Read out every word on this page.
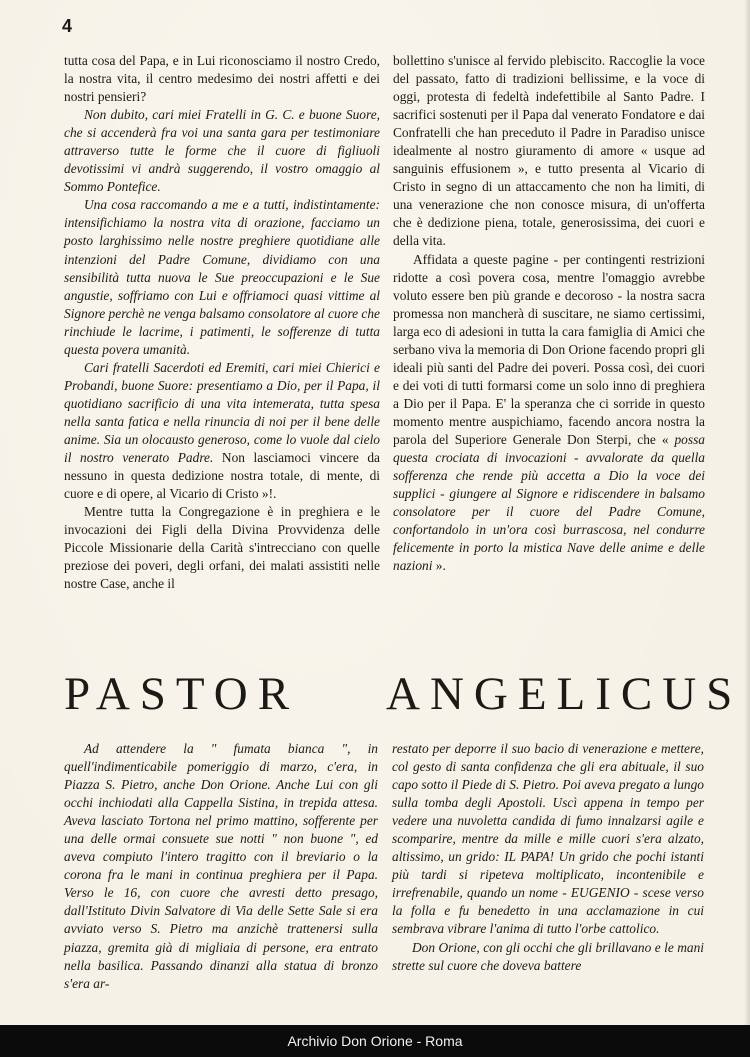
4

tutta cosa del Papa, e in Lui riconosciamo il nostro Credo, la nostra vita, il centro medesimo dei nostri affetti e dei nostri pensieri?

Non dubito, cari miei Fratelli in G. C. e buone Suore, che si accenderà fra voi una santa gara per testimoniare attraverso tutte le forme che il cuore di figliuoli devotissimi vi andrà suggerendo, il vostro omaggio al Sommo Pontefice.

Una cosa raccomando a me e a tutti, indistintamente: intensifichiamo la nostra vita di orazione, facciamo un posto larghissimo nelle nostre preghiere quotidiane alle intenzioni del Padre Comune, dividiamo con una sensibilità tutta nuova le Sue preoccupazioni e le Sue angustie, soffriamo con Lui e offriamoci quasi vittime al Signore perchè ne venga balsamo consolatore al cuore che rinchiude le lacrime, i patimenti, le sofferenze di tutta questa povera umanità.

Cari fratelli Sacerdoti ed Eremiti, cari miei Chierici e Probandi, buone Suore: presentiamo a Dio, per il Papa, il quotidiano sacrificio di una vita intemerata, tutta spesa nella santa fatica e nella rinuncia di noi per il bene delle anime. Sia un olocausto generoso, come lo vuole dal cielo il nostro venerato Padre. Non lasciamoci vincere da nessuno in questa dedizione nostra totale, di mente, di cuore e di opere, al Vicario di Cristo »!.

Mentre tutta la Congregazione è in preghiera e le invocazioni dei Figli della Divina Provvidenza delle Piccole Missionarie della Carità s'intrecciano con quelle preziose dei poveri, degli orfani, dei malati assistiti nelle nostre Case, anche il

bollettino s'unisce al fervido plebiscito. Raccoglie la voce del passato, fatto di tradizioni bellissime, e la voce di oggi, protesta di fedeltà indefettibile al Santo Padre. I sacrifici sostenuti per il Papa dal venerato Fondatore e dai Confratelli che han preceduto il Padre in Paradiso unisce idealmente al nostro giuramento di amore « usque ad sanguinis effusionem », e tutto presenta al Vicario di Cristo in segno di un attaccamento che non ha limiti, di una venerazione che non conosce misura, di un'offerta che è dedizione piena, totale, generosissima, dei cuori e della vita.

Affidata a queste pagine - per contingenti restrizioni ridotte a così povera cosa, mentre l'omaggio avrebbe voluto essere ben più grande e decoroso - la nostra sacra promessa non mancherà di suscitare, ne siamo certissimi, larga eco di adesioni in tutta la cara famiglia di Amici che serbano viva la memoria di Don Orione facendo propri gli ideali più santi del Padre dei poveri. Possa così, dei cuori e dei voti di tutti formarsi come un solo inno di preghiera a Dio per il Papa. E' la speranza che ci sorride in questo momento mentre auspichiamo, facendo ancora nostra la parola del Superiore Generale Don Sterpi, che « possa questa crociata di invocazioni - avvalorate da quella sofferenza che rende più accetta a Dio la voce dei supplici - giungere al Signore e ridiscendere in balsamo consolatore per il cuore del Padre Comune, confortandolo in un'ora così burrascosa, nel condurre felicemente in porto la mistica Nave delle anime e delle nazioni ».

PASTOR ANGELICUS

Ad attendere la " fumata bianca ", in quell'indimenticabile pomeriggio di marzo, c'era, in Piazza S. Pietro, anche Don Orione. Anche Lui con gli occhi inchiodati alla Cappella Sistina, in trepida attesa. Aveva lasciato Tortona nel primo mattino, sofferente per una delle ormai consuete sue notti " non buone ", ed aveva compiuto l'intero tragitto con il breviario o la corona fra le mani in continua preghiera per il Papa. Verso le 16, con cuore che avresti detto presago, dall'Istituto Divin Salvatore di Via delle Sette Sale si era avviato verso S. Pietro ma anzichè trattenersi sulla piazza, gremita già di migliaia di persone, era entrato nella basilica. Passando dinanzi alla statua di bronzo s'era ar-

restato per deporre il suo bacio di venerazione e mettere, col gesto di santa confidenza che gli era abituale, il suo capo sotto il Piede di S. Pietro. Poi aveva pregato a lungo sulla tomba degli Apostoli. Uscì appena in tempo per vedere una nuvoletta candida di fumo innalzarsi agile e scomparire, mentre da mille e mille cuori s'era alzato, altissimo, un grido: IL PAPA! Un grido che pochi istanti più tardi si ripeteva moltiplicato, incontenibile e irrefrenabile, quando un nome - EUGENIO - scese verso la folla e fu benedetto in una acclamazione in cui sembrava vibrare l'anima di tutto l'orbe cattolico.

Don Orione, con gli occhi che gli brillavano e le mani strette sul cuore che doveva battere

Archivio Don Orione - Roma
